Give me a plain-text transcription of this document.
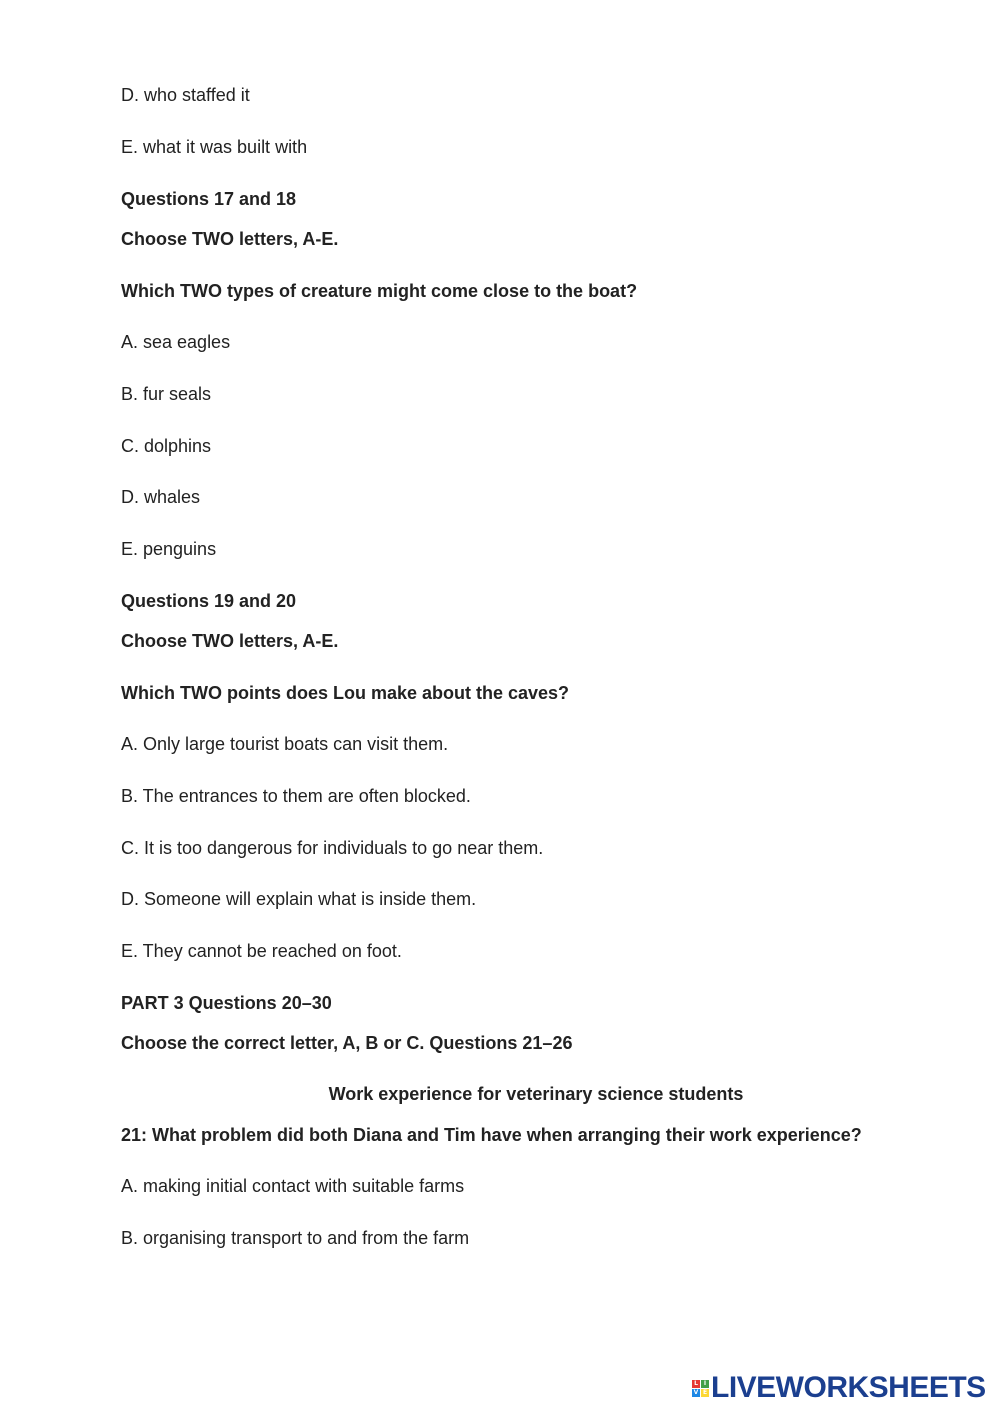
D. who staffed it
E. what it was built with
Questions 17 and 18
Choose TWO letters, A-E.
Which TWO types of creature might come close to the boat?
A. sea eagles
B. fur seals
C. dolphins
D. whales
E. penguins
Questions 19 and 20
Choose TWO letters, A-E.
Which TWO points does Lou make about the caves?
A. Only large tourist boats can visit them.
B. The entrances to them are often blocked.
C. It is too dangerous for individuals to go near them.
D. Someone will explain what is inside them.
E. They cannot be reached on foot.
PART 3 Questions 20–30
Choose the correct letter, A, B or C. Questions 21–26
Work experience for veterinary science students
21: What problem did both Diana and Tim have when arranging their work experience?
A. making initial contact with suitable farms
B. organising transport to and from the farm
L I
V E LIVEWORKSHEETS
